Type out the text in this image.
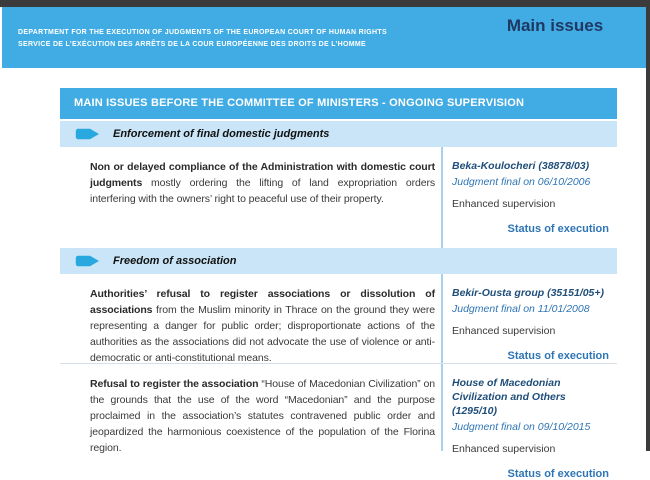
DEPARTMENT FOR THE EXECUTION OF JUDGMENTS OF THE EUROPEAN COURT OF HUMAN RIGHTS
SERVICE DE L’EXÉCUTION DES ARRÊTS DE LA COUR EUROPÉENNE DES DROITS DE L’HOMME
Main issues
MAIN ISSUES BEFORE THE COMMITTEE OF MINISTERS - ONGOING SUPERVISION
Enforcement of final domestic judgments

Non or delayed compliance of the Administration with domestic court judgments mostly ordering the lifting of land expropriation orders interfering with the owners’ right to peaceful use of their property.

Beka-Koulocheri (38878/03)
Judgment final on 06/10/2006
Enhanced supervision
Status of execution
Freedom of association

Authorities’ refusal to register associations or dissolution of associations from the Muslim minority in Thrace on the ground they were representing a danger for public order; disproportionate actions of the authorities as the associations did not advocate the use of violence or anti-democratic or anti-constitutional means.

Bekir-Ousta group (35151/05+)
Judgment final on 11/01/2008
Enhanced supervision
Status of execution

Refusal to register the association “House of Macedonian Civilization” on the grounds that the use of the word “Macedonian” and the purpose proclaimed in the association’s statutes contravened public order and jeopardized the harmonious coexistence of the population of the Florina region.

House of Macedonian Civilization and Others (1295/10)
Judgment final on 09/10/2015
Enhanced supervision
Status of execution
